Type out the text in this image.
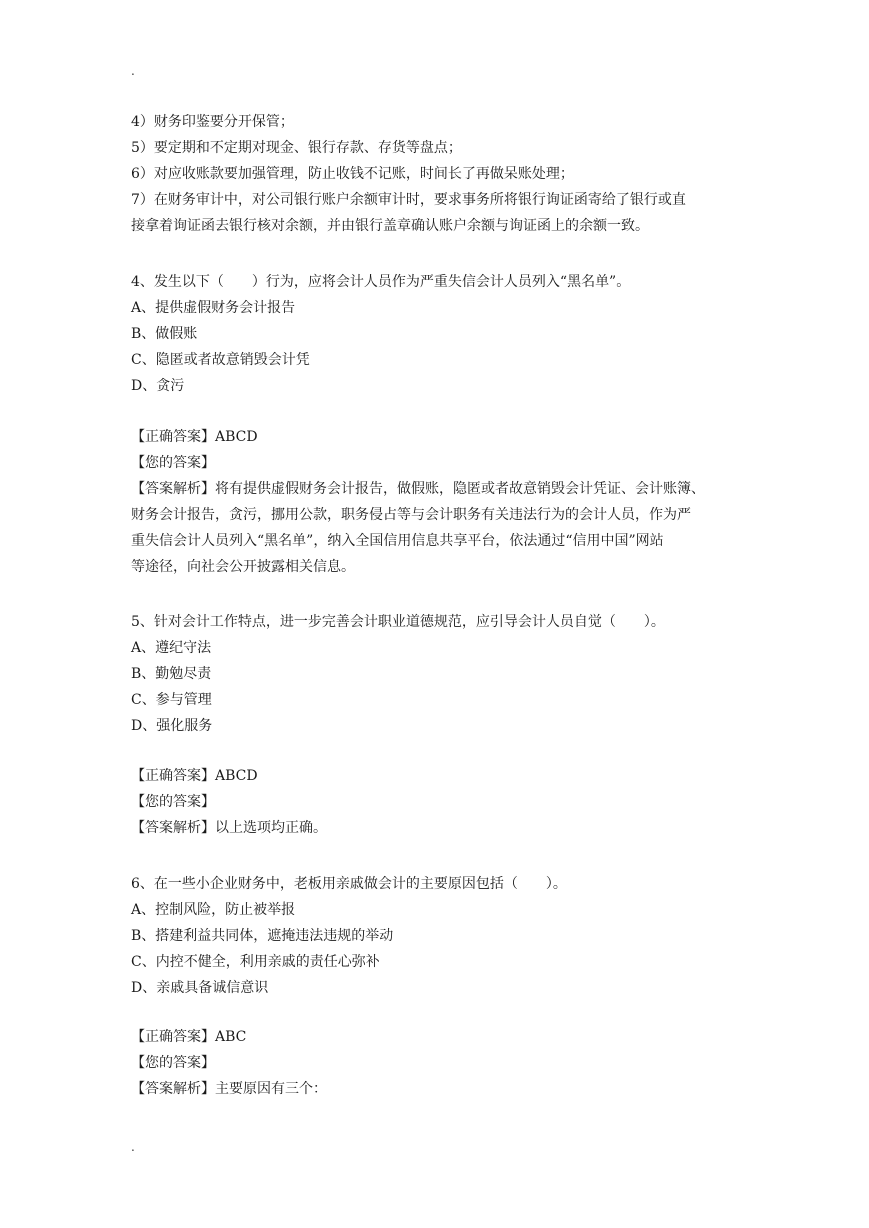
.
4）财务印鉴要分开保管；
5）要定期和不定期对现金、银行存款、存货等盘点；
6）对应收账款要加强管理，防止收钱不记账，时间长了再做呆账处理；
7）在财务审计中，对公司银行账户余额审计时，要求事务所将银行询证函寄给了银行或直
接拿着询证函去银行核对余额，并由银行盖章确认账户余额与询证函上的余额一致。
4、发生以下（　　）行为，应将会计人员作为严重失信会计人员列入“黑名单”。
A、提供虚假财务会计报告
B、做假账
C、隐匿或者故意销毁会计凭
D、贪污
【正确答案】ABCD
【您的答案】
【答案解析】将有提供虚假财务会计报告，做假账，隐匿或者故意销毁会计凭证、会计账簿、
财务会计报告，贪污，挪用公款，职务侵占等与会计职务有关违法行为的会计人员，作为严
重失信会计人员列入“黑名单”，纳入全国信用信息共享平台，依法通过“信用中国”网站
等途径，向社会公开披露相关信息。
5、针对会计工作特点，进一步完善会计职业道德规范，应引导会计人员自觉（　　）。
A、遵纪守法
B、勤勉尽责
C、参与管理
D、强化服务
【正确答案】ABCD
【您的答案】
【答案解析】以上选项均正确。
6、在一些小企业财务中，老板用亲戚做会计的主要原因包括（　　）。
A、控制风险，防止被举报
B、搭建利益共同体，遮掩违法违规的举动
C、内控不健全，利用亲戚的责任心弥补
D、亲戚具备诚信意识
【正确答案】ABC
【您的答案】
【答案解析】主要原因有三个：
.
